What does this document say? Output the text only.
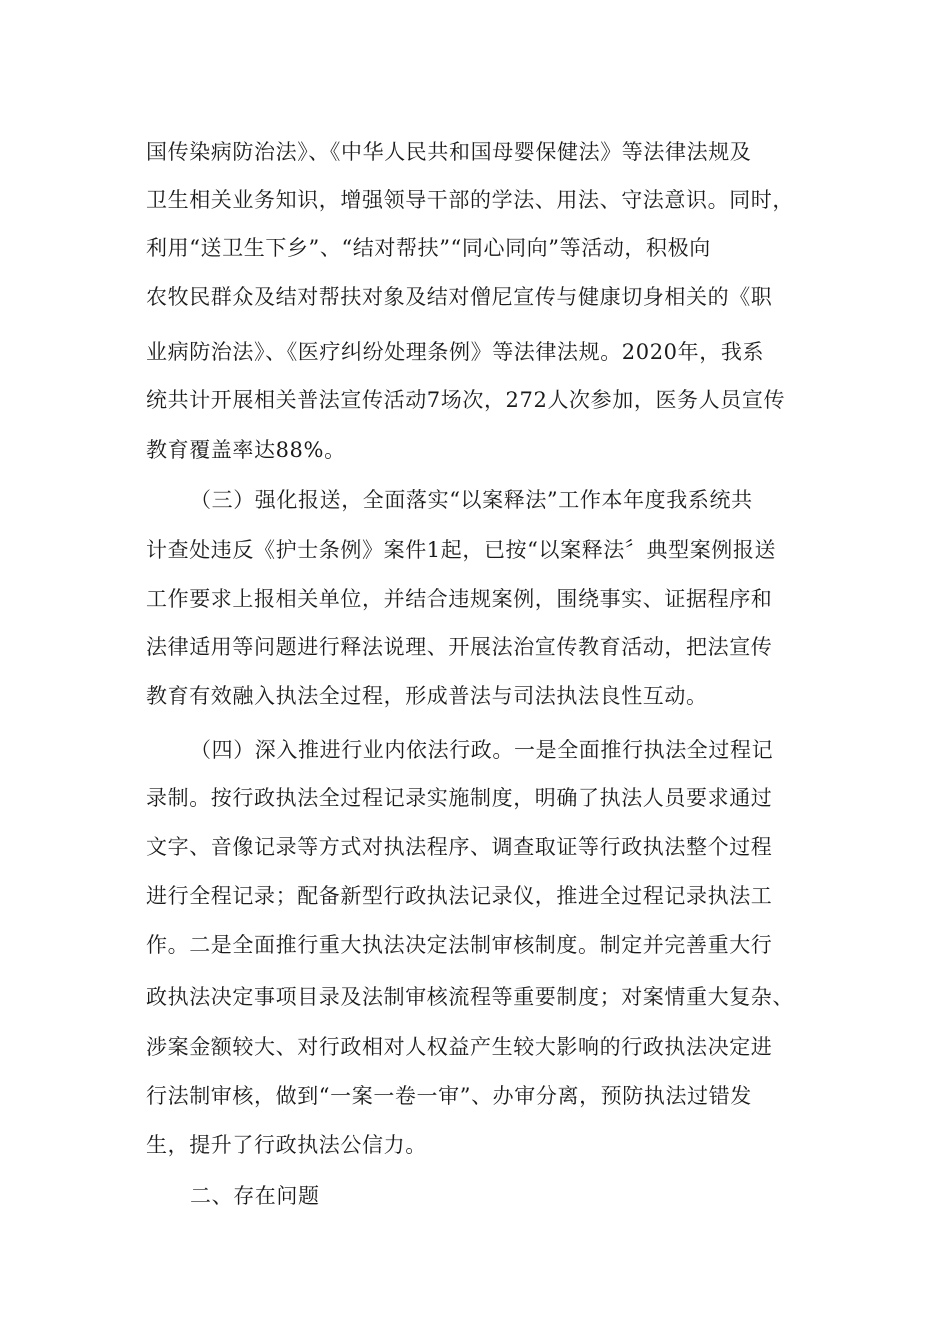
国传染病防治法》、《中华人民共和国母婴保健法》等法律法规及
卫生相关业务知识，增强领导干部的学法、用法、守法意识。同时，
利用“送卫生下乡”、“结对帮扶”“同心同向”等活动，积极向
农牧民群众及结对帮扶对象及结对僧尼宣传与健康切身相关的《职
业病防治法》、《医疗纠纷处理条例》等法律法规。2020年，我系
统共计开展相关普法宣传活动7场次，272人次参加，医务人员宣传
教育覆盖率达88%。
（三）强化报送，全面落实“以案释法”工作本年度我系统共
计查处违反《护士条例》案件1起，已按“以案释法〞典型案例报送
工作要求上报相关单位，并结合违规案例，围绕事实、证据程序和
法律适用等问题进行释法说理、开展法治宣传教育活动，把法宣传
教育有效融入执法全过程，形成普法与司法执法良性互动。
（四）深入推进行业内依法行政。一是全面推行执法全过程记
录制。按行政执法全过程记录实施制度，明确了执法人员要求通过
文字、音像记录等方式对执法程序、调查取证等行政执法整个过程
进行全程记录；配备新型行政执法记录仪，推进全过程记录执法工
作。二是全面推行重大执法决定法制审核制度。制定并完善重大行
政执法决定事项目录及法制审核流程等重要制度；对案情重大复杂、
涉案金额较大、对行政相对人权益产生较大影响的行政执法决定进
行法制审核，做到“一案一卷一审”、办审分离，预防执法过错发
生，提升了行政执法公信力。
二、存在问题
